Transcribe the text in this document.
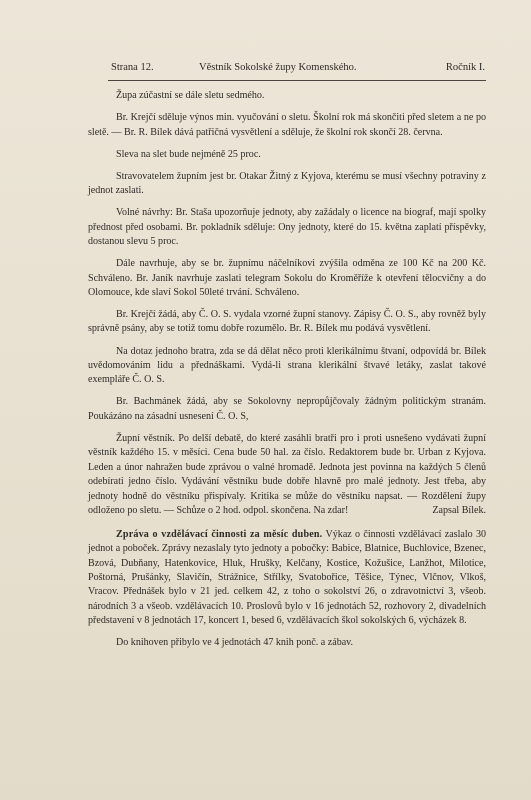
Strana 12.	Věstník Sokolské župy Komenského.	Ročník I.

Župa zúčastní se dále sletu sedmého.

Br. Krejčí sděluje výnos min. vyučování o sletu. Školní rok má skončiti před sletem a ne po sletě. — Br. R. Bílek dává patřičná vysvětlení a sděluje, že školní rok skončí 28. června.

Sleva na slet bude nejméně 25 proc.

Stravovatelem župním jest br. Otakar Žitný z Kyjova, kterému se musí všechny potraviny z jednot zaslati.

Volné návrhy: Br. Staša upozorňuje jednoty, aby zažádaly o licence na biograf, mají spolky přednost před osobami. Br. pokladník sděluje: Ony jednoty, které do 15. května zaplatí příspěvky, dostanou slevu 5 proc.

Dále navrhuje, aby se br. župnímu náčelníkovi zvýšila odměna ze 100 Kč na 200 Kč. Schváleno. Br. Janík navrhuje zaslati telegram Sokolu do Kroměříže k otevření tělocvičny a do Olomouce, kde slaví Sokol 50leté trvání. Schváleno.

Br. Krejčí žádá, aby Č. O. S. vydala vzorné župní stanovy. Zápisy Č. O. S., aby rovněž byly správně psány, aby se totiž tomu dobře rozumělo. Br. R. Bílek mu podává vysvětlení.

Na dotaz jednoho bratra, zda se dá dělat něco proti klerikálnímu štvaní, odpovídá br. Bílek uvědomováním lidu a přednáškami. Vydá-li strana klerikální štvavé letáky, zaslat takové exempláře Č. O. S.

Br. Bachmánek žádá, aby se Sokolovny nepropůjčovaly žádným politickým stranám. Poukázáno na zásadní usnesení Č. O. S,

Župní věstník. Po delší debatě, do které zasáhli bratři pro i proti usnešeno vydávati župní věstník každého 15. v měsíci. Cena bude 50 hal. za číslo. Redaktorem bude br. Urban z Kyjova. Leden a únor nahražen bude zprávou o valné hromadě. Jednota jest povinna na každých 5 členů odebírati jedno číslo. Vydávání věstníku bude dobře hlavně pro malé jednoty. Jest třeba, aby jednoty hodně do věstníku přispívaly. Kritika se může do věstníku napsat. — Rozdělení župy odloženo po sletu. — Schůze o 2 hod. odpol. skončena. Na zdar!	Zapsal Bílek.

Zpráva o vzdělávací činnosti za měsíc duben. Výkaz o činnosti vzdělávací zaslalo 30 jednot a poboček. Zprávy nezaslaly tyto jednoty a pobočky: Babice, Blatnice, Buchlovice, Bzenec, Bzová, Dubňany, Hatenkovice, Hluk, Hrušky, Kelčany, Kostice, Kožušice, Lanžhot, Milotice, Poštorná, Prušánky, Slavičín, Strážnice, Střílky, Svatobořice, Těšice, Týnec, Vlčnov, Vlkoš, Vracov. Přednášek bylo v 21 jed. celkem 42, z toho o sokolství 26, o zdravotnictví 3, všeob. národních 3 a všeob. vzdělávacích 10. Proslovů bylo v 16 jednotách 52, rozhovory 2, divadelních představení v 8 jednotách 17, koncert 1, besed 6, vzdělávacích škol sokolských 6, výcházek 8.

Do knihoven přibylo ve 4 jednotách 47 knih ponč. a zábav.
